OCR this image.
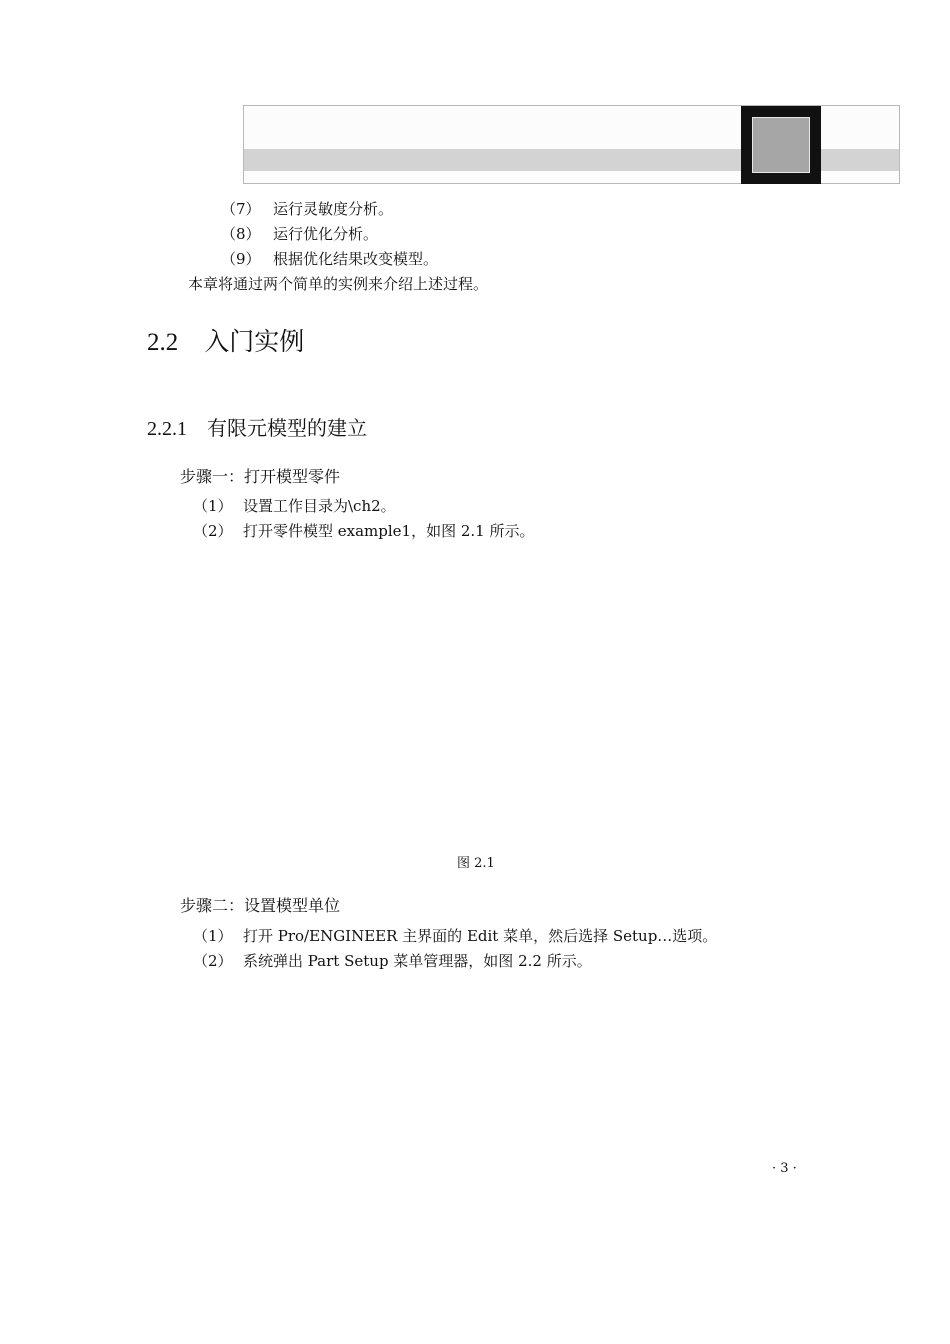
（7） 运行灵敏度分析。
（8） 运行优化分析。
（9） 根据优化结果改变模型。
本章将通过两个简单的实例来介绍上述过程。
2.2 入门实例
2.2.1 有限元模型的建立
步骤一：打开模型零件
（1） 设置工作目录为\ch2。
（2） 打开零件模型 example1，如图 2.1 所示。
图 2.1
步骤二：设置模型单位
（1） 打开 Pro/ENGINEER 主界面的 Edit 菜单，然后选择 Setup…选项。
（2） 系统弹出 Part Setup 菜单管理器，如图 2.2 所示。
· 3 ·
